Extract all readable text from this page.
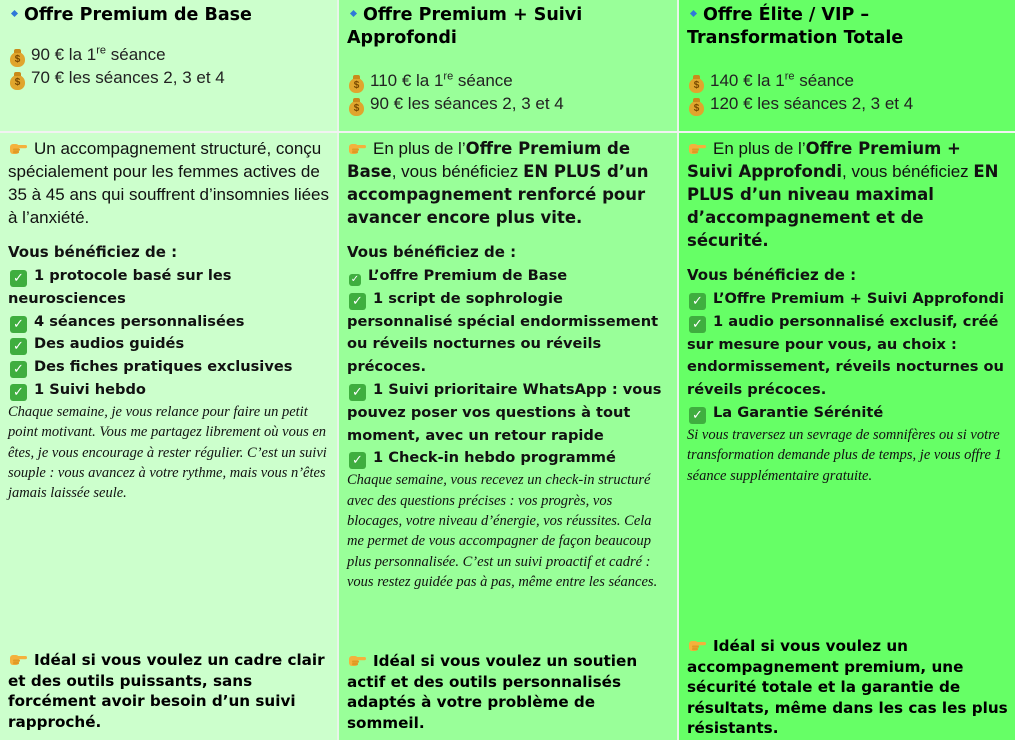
Offre Premium de Base
$ 90 € la 1re séance
$ 70 € les séances 2, 3 et 4
Un accompagnement structuré, conçu spécialement pour les femmes actives de 35 à 45 ans qui souffrent d’insomnies liées à l’anxiété.
Vous bénéficiez de :
✓ 1 protocole basé sur les neurosciences
✓ 4 séances personnalisées
✓ Des audios guidés
✓ Des fiches pratiques exclusives
✓ 1 Suivi hebdo
Chaque semaine, je vous relance pour faire un petit point motivant. Vous me partagez librement où vous en êtes, je vous encourage à rester régulier. C’est un suivi souple : vous avancez à votre rythme, mais vous n’êtes jamais laissée seule.
Idéal si vous voulez un cadre clair et des outils puissants, sans forcément avoir besoin d’un suivi rapproché.
Offre Premium + Suivi Approfondi
$ 110 € la 1re séance
$ 90 € les séances 2, 3 et 4
En plus de l’Offre Premium de Base, vous bénéficiez EN PLUS d’un accompagnement renforcé pour avancer encore plus vite.
Vous bénéficiez de :
✓ L’offre Premium de Base
✓ 1 script de sophrologie personnalisé spécial endormissement ou réveils nocturnes ou réveils précoces.
✓ 1 Suivi prioritaire WhatsApp : vous pouvez poser vos questions à tout moment, avec un retour rapide
✓ 1 Check-in hebdo programmé
Chaque semaine, vous recevez un check-in structuré avec des questions précises : vos progrès, vos blocages, votre niveau d’énergie, vos réussites. Cela me permet de vous accompagner de façon beaucoup plus personnalisée. C’est un suivi proactif et cadré : vous restez guidée pas à pas, même entre les séances.
Idéal si vous voulez un soutien actif et des outils personnalisés adaptés à votre problème de sommeil.
Offre Élite / VIP – Transformation Totale
$ 140 € la 1re séance
$ 120 € les séances 2, 3 et 4
En plus de l’Offre Premium + Suivi Approfondi, vous bénéficiez EN PLUS d’un niveau maximal d’accompagnement et de sécurité.
Vous bénéficiez de :
✓ L’Offre Premium + Suivi Approfondi
✓ 1 audio personnalisé exclusif, créé sur mesure pour vous, au choix : endormissement, réveils nocturnes ou réveils précoces.
✓ La Garantie Sérénité
Si vous traversez un sevrage de somnifères ou si votre transformation demande plus de temps, je vous offre 1 séance supplémentaire gratuite.
Idéal si vous voulez un accompagnement premium, une sécurité totale et la garantie de résultats, même dans les cas les plus résistants.
